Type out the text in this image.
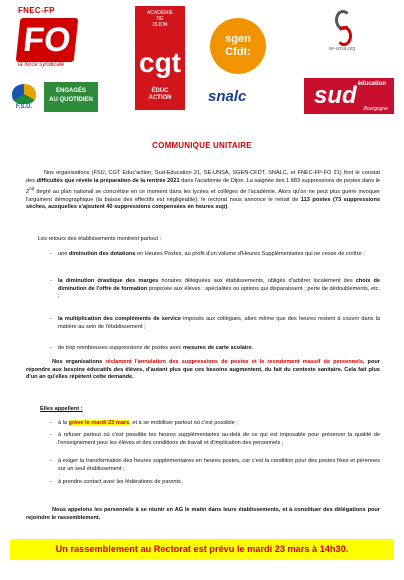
FNEC-FP
FO
la force syndicale
F.S.U.
ENGAGÉS
AU QUOTIDIEN
ACADÉMIE
DE
DIJON
cgt
ÉDUC
ACTION
sgen
Cfdt:
snalc
se-unsa.org
éducation
sud Bourgogne
COMMUNIQUE UNITAIRE

Nos organisations (FSU, CGT Educ'action, Sud-Education 21, SE-UNSA, SGEN-CFDT, SNALC, et FNEC-FP-FO 21) font le constat des difficultés que révèle la préparation de la rentrée 2021 dans l'académie de Dijon. La saignée des 1 883 suppressions de postes dans le 2nd degré au plan national se concrétise en ce moment dans les lycées et collèges de l'académie. Alors qu'on ne peut plus guère invoquer l'argument démographique (la baisse des effectifs est négligeable), le rectorat nous annonce le retrait de 113 postes (73 suppressions sèches, auxquelles s'ajoutent 40 suppressions compensées en heures sup).

Les retours des établissements montrent partout :

- une diminution des dotations en Heures Postes, au profit d'un volume d'Heures Supplémentaires qui ne cesse de croître ;
- la diminution drastique des marges horaires déléguées aux établissements, obligés d'arbitrer localement des choix de diminution de l'offre de formation proposée aux élèves : spécialités ou options qui disparaissent ; perte de dédoublements, etc. ;
- la multiplication des compléments de service imposés aux collègues, alors même que des heures restent à couvrir dans la matière au sein de l'établissement ;
- de trop nombreuses suppressions de postes avec mesures de carte scolaire.

Nos organisations réclament l'annulation des suppressions de postes et le recrutement massif de personnels, pour répondre aux besoins éducatifs des élèves, d'autant plus que ces besoins augmentent, du fait du contexte sanitaire. Cela fait plus d'un an qu'elles répètent cette demande.

Elles appellent :

- à la grève le mardi 23 mars, et à se mobiliser partout où c'est possible ;
- à refuser partout où c'est possible les heures supplémentaires au-delà de ce qui est imposable pour préserver la qualité de l'enseignement pour les élèves et des conditions de travail et d'implication des personnels ;
- à exiger la transformation des heures supplémentaires en heures postes, car c'est la condition pour des postes fixes et pérennes sur un seul établissement ;
- à prendre contact avec les fédérations de parents.

Nous appelons les personnels à se réunir en AG le matin dans leurs établissements, et à constituer des délégations pour rejoindre le rassemblement.

Un rassemblement au Rectorat est prévu le mardi 23 mars à 14h30.
